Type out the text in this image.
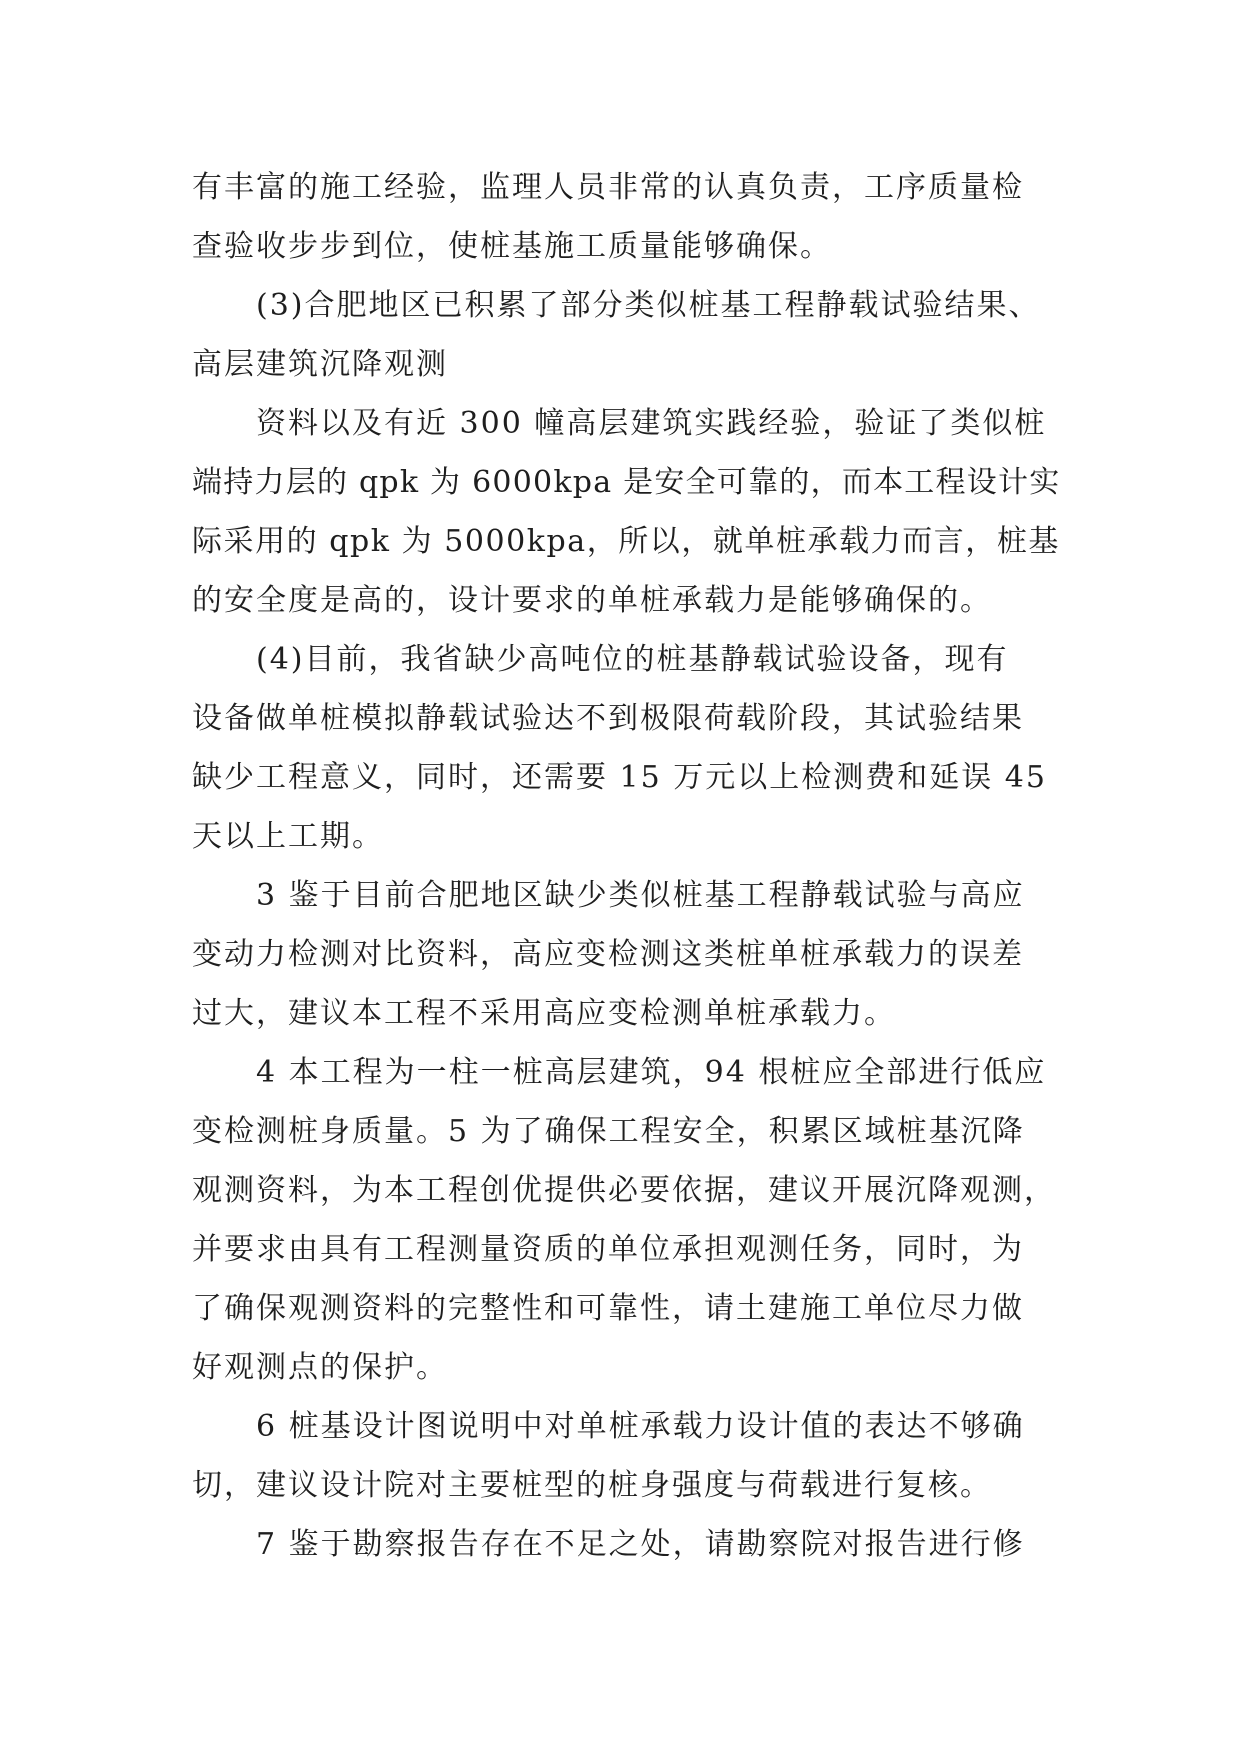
有丰富的施工经验，监理人员非常的认真负责，工序质量检
查验收步步到位，使桩基施工质量能够确保。

(3)合肥地区已积累了部分类似桩基工程静载试验结果、
高层建筑沉降观测

资料以及有近 300 幢高层建筑实践经验，验证了类似桩
端持力层的 qpk 为 6000kpa 是安全可靠的，而本工程设计实
际采用的 qpk 为 5000kpa，所以，就单桩承载力而言，桩基
的安全度是高的，设计要求的单桩承载力是能够确保的。

(4)目前，我省缺少高吨位的桩基静载试验设备，现有
设备做单桩模拟静载试验达不到极限荷载阶段，其试验结果
缺少工程意义，同时，还需要 15 万元以上检测费和延误 45
天以上工期。

3 鉴于目前合肥地区缺少类似桩基工程静载试验与高应
变动力检测对比资料，高应变检测这类桩单桩承载力的误差
过大，建议本工程不采用高应变检测单桩承载力。

4 本工程为一柱一桩高层建筑，94 根桩应全部进行低应
变检测桩身质量。5 为了确保工程安全，积累区域桩基沉降
观测资料，为本工程创优提供必要依据，建议开展沉降观测，
并要求由具有工程测量资质的单位承担观测任务，同时，为
了确保观测资料的完整性和可靠性，请土建施工单位尽力做
好观测点的保护。

6 桩基设计图说明中对单桩承载力设计值的表达不够确
切，建议设计院对主要桩型的桩身强度与荷载进行复核。

7 鉴于勘察报告存在不足之处，请勘察院对报告进行修
